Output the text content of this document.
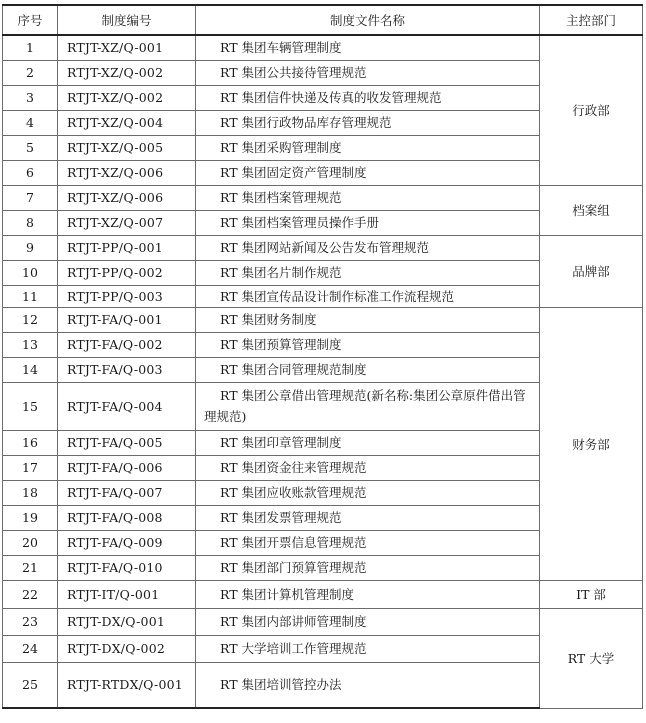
序号	制度编号	制度文件名称	主控部门
1	RTJT-XZ/Q-001	RT 集团车辆管理制度	行政部
2	RTJT-XZ/Q-002	RT 集团公共接待管理规范	
3	RTJT-XZ/Q-002	RT 集团信件快递及传真的收发管理规范	
4	RTJT-XZ/Q-004	RT 集团行政物品库存管理规范	
5	RTJT-XZ/Q-005	RT 集团采购管理制度	
6	RTJT-XZ/Q-006	RT 集团固定资产管理制度	
7	RTJT-XZ/Q-006	RT 集团档案管理规范	档案组
8	RTJT-XZ/Q-007	RT 集团档案管理员操作手册	
9	RTJT-PP/Q-001	RT 集团网站新闻及公告发布管理规范	品牌部
10	RTJT-PP/Q-002	RT 集团名片制作规范	
11	RTJT-PP/Q-003	RT 集团宣传品设计制作标准工作流程规范	
12	RTJT-FA/Q-001	RT 集团财务制度	财务部
13	RTJT-FA/Q-002	RT 集团预算管理制度	
14	RTJT-FA/Q-003	RT 集团合同管理规范制度	
15	RTJT-FA/Q-004	RT 集团公章借出管理规范(新名称:集团公章原件借出管理规范)	
16	RTJT-FA/Q-005	RT 集团印章管理制度	
17	RTJT-FA/Q-006	RT 集团资金往来管理规范	
18	RTJT-FA/Q-007	RT 集团应收账款管理规范	
19	RTJT-FA/Q-008	RT 集团发票管理规范	
20	RTJT-FA/Q-009	RT 集团开票信息管理规范	
21	RTJT-FA/Q-010	RT 集团部门预算管理规范	
22	RTJT-IT/Q-001	RT 集团计算机管理制度	IT 部
23	RTJT-DX/Q-001	RT 集团内部讲师管理制度	RT 大学
24	RTJT-DX/Q-002	RT 大学培训工作管理规范	
25	RTJT-RTDX/Q-001	RT 集团培训管控办法	
